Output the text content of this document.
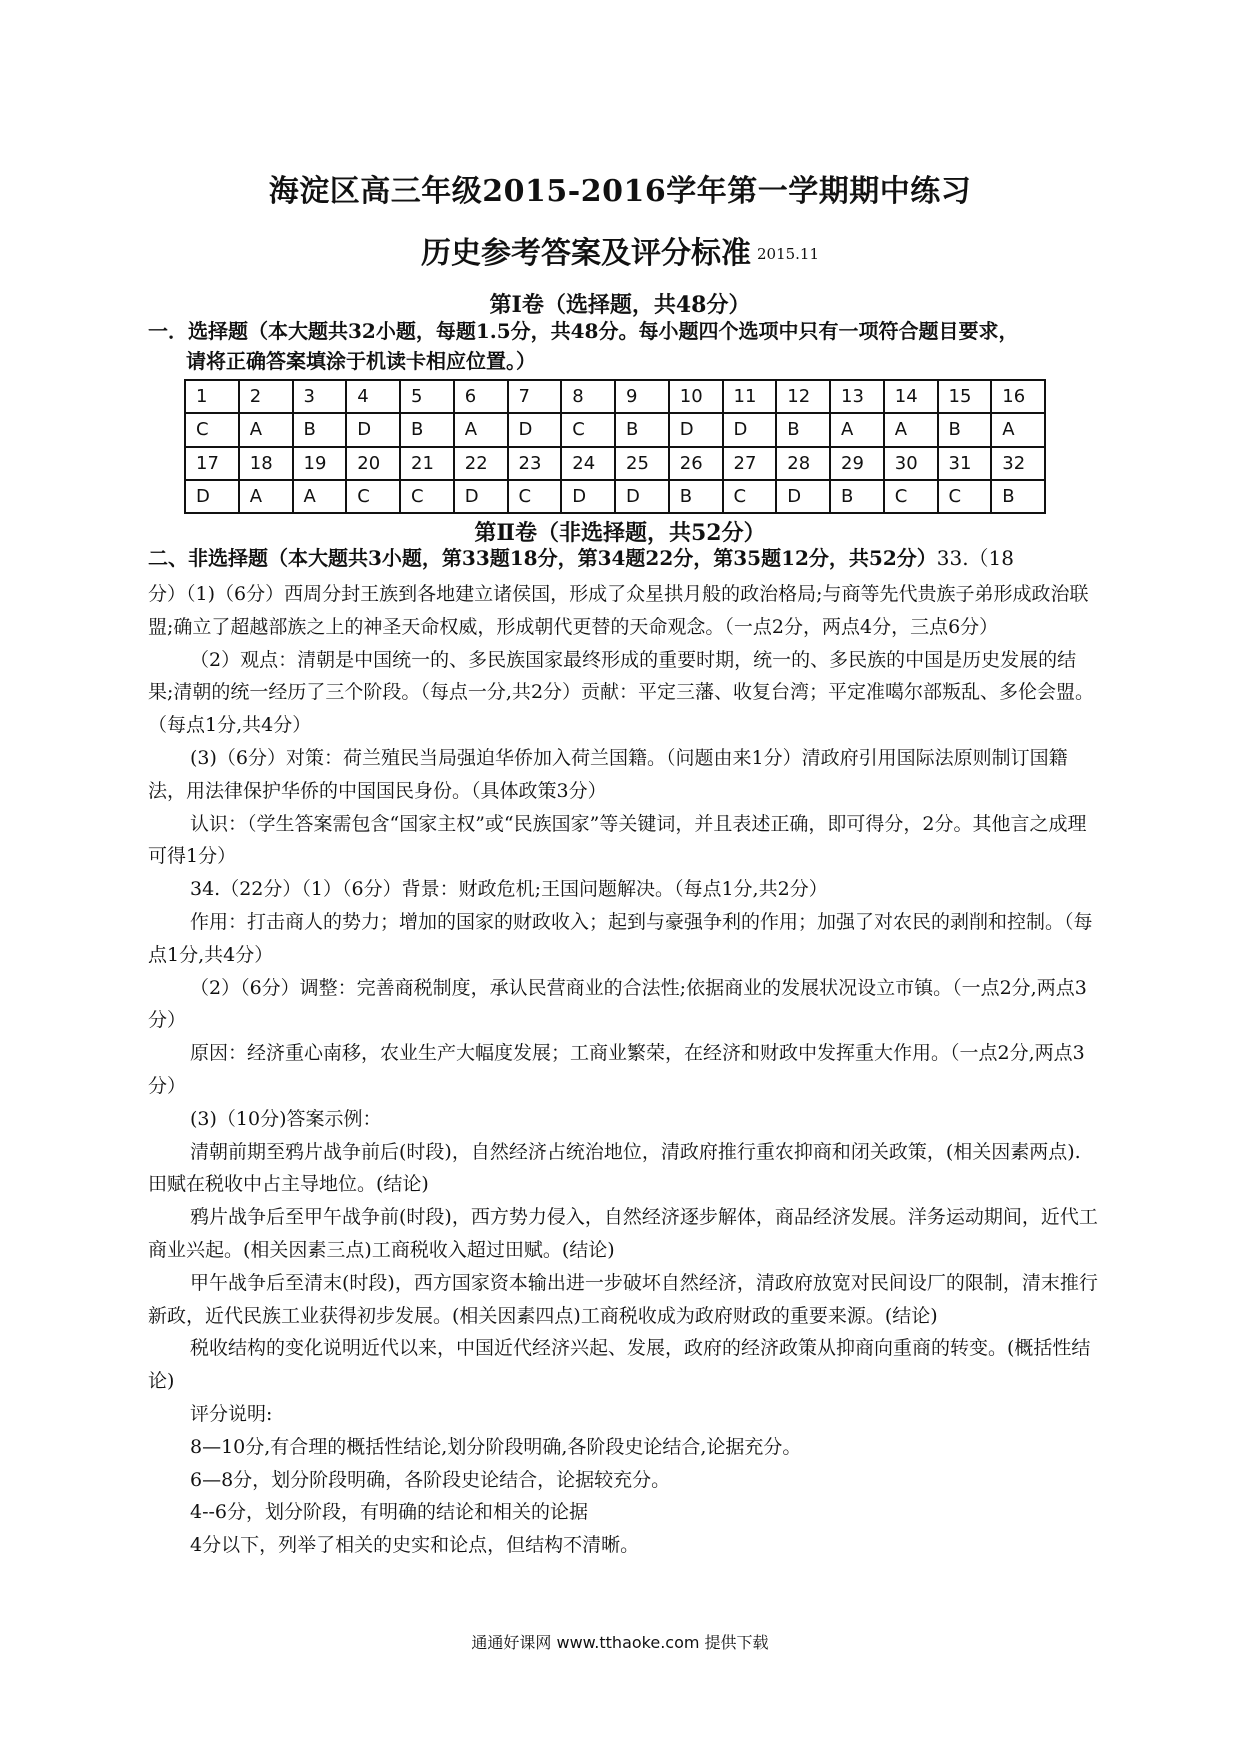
海淀区高三年级2015-2016学年第一学期期中练习
历史参考答案及评分标准 2015.11
第Ⅰ卷（选择题，共48分）
一．选择题（本大题共32小题，每题1.5分，共48分。每小题四个选项中只有一项符合题目要求，
请将正确答案填涂于机读卡相应位置。）
1	2	3	4	5	6	7	8	9	10	11	12	13	14	15	16
C	A	B	D	B	A	D	C	B	D	D	B	A	A	B	A
17	18	19	20	21	22	23	24	25	26	27	28	29	30	31	32
D	A	A	C	C	D	C	D	D	B	C	D	B	C	C	B
第Ⅱ卷（非选择题，共52分）
二、非选择题（本大题共3小题，第33题18分，第34题22分，第35题12分，共52分）33.（18

分）（1)（6分）西周分封王族到各地建立诸侯国，形成了众星拱月般的政治格局;与商等先代贵族子弟形成政治联盟;确立了超越部族之上的神圣天命权威，形成朝代更替的天命观念。（一点2分，两点4分，三点6分）

（2）观点：清朝是中国统一的、多民族国家最终形成的重要时期，统一的、多民族的中国是历史发展的结果;清朝的统一经历了三个阶段。（每点一分,共2分）贡献：平定三藩、收复台湾；平定准噶尔部叛乱、多伦会盟。（每点1分,共4分）

(3)（6分）对策：荷兰殖民当局强迫华侨加入荷兰国籍。（问题由来1分）清政府引用国际法原则制订国籍法，用法律保护华侨的中国国民身份。（具体政策3分）

认识：（学生答案需包含“国家主权”或“民族国家”等关键词，并且表述正确，即可得分，2分。其他言之成理可得1分）

34.（22分）（1）（6分）背景：财政危机;王国问题解决。（每点1分,共2分）

作用：打击商人的势力；增加的国家的财政收入；起到与豪强争利的作用；加强了对农民的剥削和控制。（每点1分,共4分）

（2）（6分）调整：完善商税制度，承认民营商业的合法性;依据商业的发展状况设立市镇。（一点2分,两点3分）

原因：经济重心南移，农业生产大幅度发展；工商业繁荣，在经济和财政中发挥重大作用。（一点2分,两点3分）

(3)（10分)答案示例：

清朝前期至鸦片战争前后(时段)，自然经济占统治地位，清政府推行重农抑商和闭关政策，(相关因素两点).田赋在税收中占主导地位。(结论)

鸦片战争后至甲午战争前(时段)，西方势力侵入，自然经济逐步解体，商品经济发展。洋务运动期间，近代工商业兴起。(相关因素三点)工商税收入超过田赋。(结论)

甲午战争后至清末(时段)，西方国家资本输出进一步破坏自然经济，清政府放宽对民间设厂的限制，清末推行新政，近代民族工业获得初步发展。(相关因素四点)工商税收成为政府财政的重要来源。(结论)

税收结构的变化说明近代以来，中国近代经济兴起、发展，政府的经济政策从抑商向重商的转变。(概括性结论)

评分说明:

8—10分,有合理的概括性结论,划分阶段明确,各阶段史论结合,论据充分。

6—8分，划分阶段明确，各阶段史论结合，论据较充分。

4--6分，划分阶段，有明确的结论和相关的论据

4分以下，列举了相关的史实和论点，但结构不清晰。

通通好课网 www.tthaoke.com 提供下载
